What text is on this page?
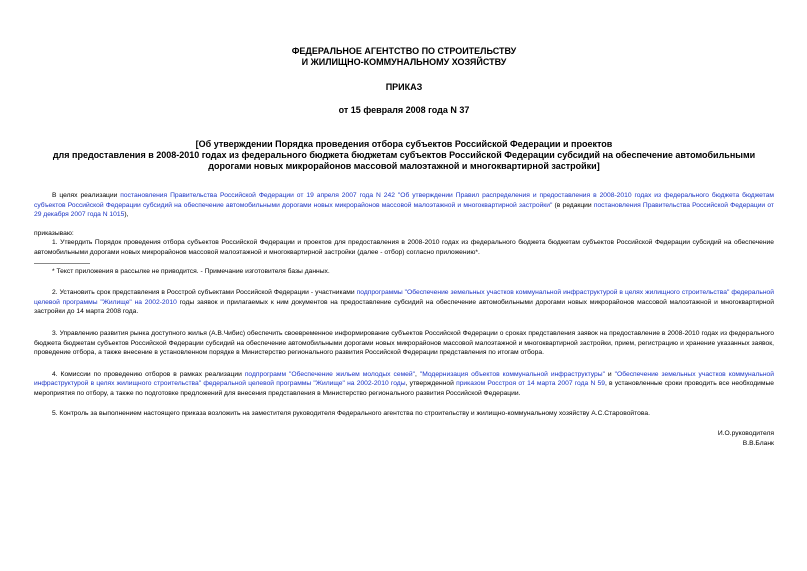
ФЕДЕРАЛЬНОЕ АГЕНТСТВО ПО СТРОИТЕЛЬСТВУ
И ЖИЛИЩНО-КОММУНАЛЬНОМУ ХОЗЯЙСТВУ
ПРИКАЗ
от 15 февраля 2008 года N 37
[Об утверждении Порядка проведения отбора субъектов Российской Федерации и проектов
для предоставления в 2008-2010 годах из федерального бюджета бюджетам субъектов Российской Федерации субсидий на обеспечение автомобильными
дорогами новых микрорайонов массовой малоэтажной и многоквартирной застройки]

В целях реализации постановления Правительства Российской Федерации от 19 апреля 2007 года N 242 "Об утверждении Правил распределения и предоставления в 2008-2010 годах из федерального бюджета бюджетам субъектов Российской Федерации субсидий на обеспечение автомобильными дорогами новых микрорайонов массовой малоэтажной и многоквартирной застройки" (в редакции постановления Правительства Российской Федерации от 29 декабря 2007 года N 1015),

приказываю:

1. Утвердить Порядок проведения отбора субъектов Российской Федерации и проектов для предоставления в 2008-2010 годах из федерального бюджета бюджетам субъектов Российской Федерации субсидий на обеспечение автомобильными дорогами новых микрорайонов массовой малоэтажной и многоквартирной застройки (далее - отбор) согласно приложению*.

* Текст приложения в рассылке не приводится. - Примечание изготовителя базы данных.

2. Установить срок представления в Росстрой субъектами Российской Федерации - участниками подпрограммы "Обеспечение земельных участков коммунальной инфраструктурой в целях жилищного строительства" федеральной целевой программы "Жилище" на 2002-2010 годы заявок и прилагаемых к ним документов на предоставление субсидий на обеспечение автомобильными дорогами новых микрорайонов массовой малоэтажной и многоквартирной застройки до 14 марта 2008 года.

3. Управлению развития рынка доступного жилья (А.В.Чибис) обеспечить своевременное информирование субъектов Российской Федерации о сроках представления заявок на предоставление в 2008-2010 годах из федерального бюджета бюджетам субъектов Российской Федерации субсидий на обеспечение автомобильными дорогами новых микрорайонов массовой малоэтажной и многоквартирной застройки, прием, регистрацию и хранение указанных заявок, проведение отбора, а также внесение в установленном порядке в Министерство регионального развития Российской Федерации представления по итогам отбора.

4. Комиссии по проведению отборов в рамках реализации подпрограмм "Обеспечение жильем молодых семей", "Модернизация объектов коммунальной инфраструктуры" и "Обеспечение земельных участков коммунальной инфраструктурой в целях жилищного строительства" федеральной целевой программы "Жилище" на 2002-2010 годы, утвержденной приказом Росстроя от 14 марта 2007 года N 59, в установленные сроки проводить все необходимые мероприятия по отбору, а также по подготовке предложений для внесения представления в Министерство регионального развития Российской Федерации.

5. Контроль за выполнением настоящего приказа возложить на заместителя руководителя Федерального агентства по строительству и жилищно-коммунальному хозяйству А.С.Старовойтова.

И.О.руководителя
В.В.Бланк
